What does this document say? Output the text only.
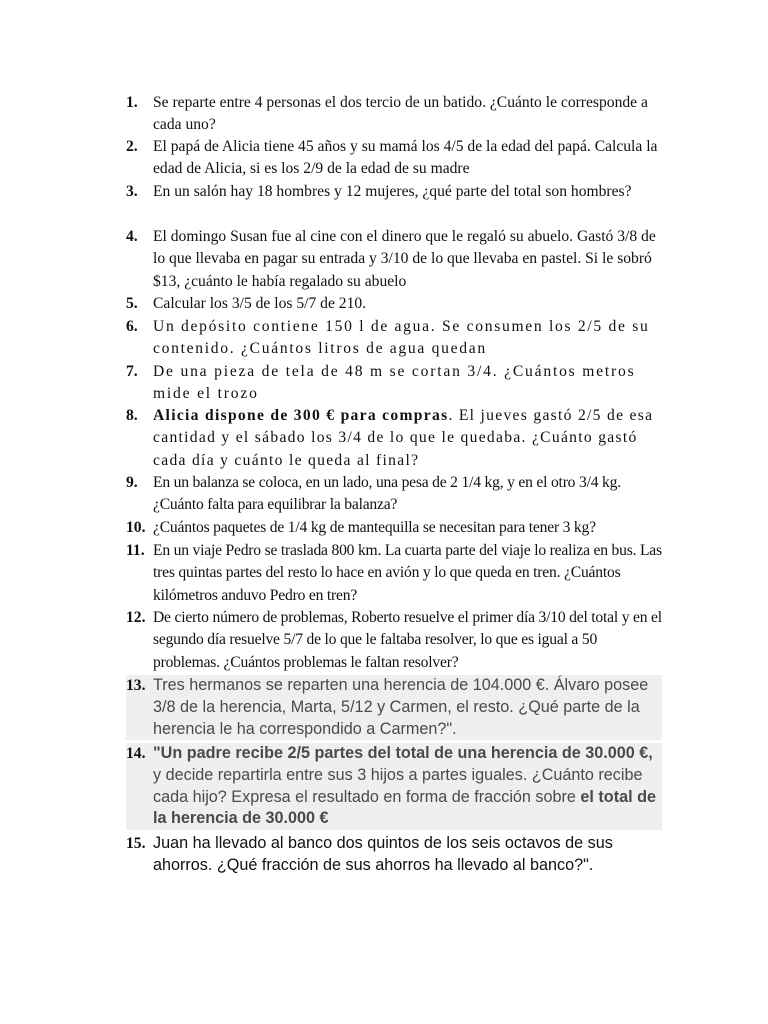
1. Se reparte entre 4 personas el dos tercio de un batido. ¿Cuánto le corresponde a cada uno?
2. El papá de Alicia tiene 45 años y su mamá los 4/5 de la edad del papá. Calcula la edad de Alicia, si es los 2/9 de la edad de su madre
3. En un salón hay 18 hombres y 12 mujeres, ¿qué parte del total son hombres?
4. El domingo Susan fue al cine con el dinero que le regaló su abuelo. Gastó 3/8 de lo que llevaba en pagar su entrada y 3/10 de lo que llevaba en pastel. Si le sobró $13, ¿cuánto le había regalado su abuelo
5. Calcular los 3/5 de los 5/7 de 210.
6. Un depósito contiene 150 l de agua. Se consumen los 2/5 de su contenido. ¿Cuántos litros de agua quedan
7. De una pieza de tela de 48 m se cortan 3/4. ¿Cuántos metros mide el trozo
8. Alicia dispone de 300 € para compras. El jueves gastó 2/5 de esa cantidad y el sábado los 3/4 de lo que le quedaba. ¿Cuánto gastó cada día y cuánto le queda al final?
9. En un balanza se coloca, en un lado, una pesa de 2 1/4 kg, y en el otro 3/4 kg. ¿Cuánto falta para equilibrar la balanza?
10. ¿Cuántos paquetes de 1/4 kg de mantequilla se necesitan para tener 3 kg?
11. En un viaje Pedro se traslada 800 km. La cuarta parte del viaje lo realiza en bus. Las tres quintas partes del resto lo hace en avión y lo que queda en tren. ¿Cuántos kilómetros anduvo Pedro en tren?
12. De cierto número de problemas, Roberto resuelve el primer día 3/10 del total y en el segundo día resuelve 5/7 de lo que le faltaba resolver, lo que es igual a 50 problemas. ¿Cuántos problemas le faltan resolver?
13. Tres hermanos se reparten una herencia de 104.000 €. Álvaro posee 3/8 de la herencia, Marta, 5/12 y Carmen, el resto. ¿Qué parte de la herencia le ha correspondido a Carmen?".
14. "Un padre recibe 2/5 partes del total de una herencia de 30.000 €, y decide repartirla entre sus 3 hijos a partes iguales. ¿Cuánto recibe cada hijo? Expresa el resultado en forma de fracción sobre el total de la herencia de 30.000 €
15. Juan ha llevado al banco dos quintos de los seis octavos de sus ahorros. ¿Qué fracción de sus ahorros ha llevado al banco?".
